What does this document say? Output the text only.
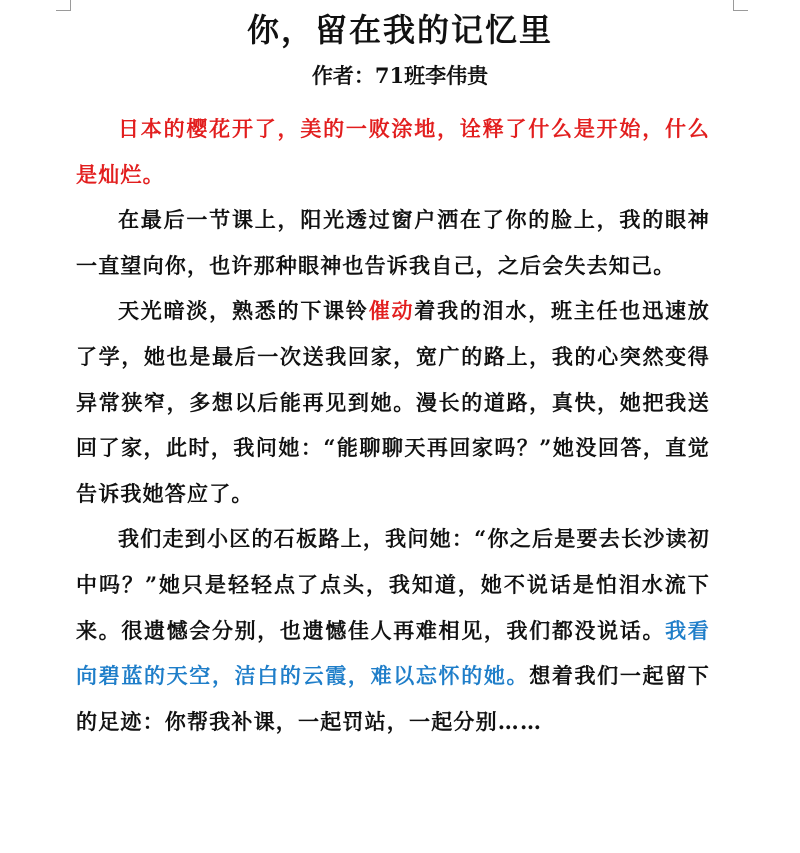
你，留在我的记忆里
作者：71班李伟贵

日本的樱花开了，美的一败涂地，诠释了什么是开始，什么是灿烂。

在最后一节课上，阳光透过窗户洒在了你的脸上，我的眼神一直望向你，也许那种眼神也告诉我自己，之后会失去知己。

天光暗淡，熟悉的下课铃催动着我的泪水，班主任也迅速放了学，她也是最后一次送我回家，宽广的路上，我的心突然变得异常狭窄，多想以后能再见到她。漫长的道路，真快，她把我送回了家，此时，我问她：“能聊聊天再回家吗？”她没回答，直觉告诉我她答应了。

我们走到小区的石板路上，我问她：“你之后是要去长沙读初中吗？”她只是轻轻点了点头，我知道，她不说话是怕泪水流下来。很遗憾会分别，也遗憾佳人再难相见，我们都没说话。我看向碧蓝的天空，洁白的云霞，难以忘怀的她。想着我们一起留下的足迹：你帮我补课，一起罚站，一起分别……
